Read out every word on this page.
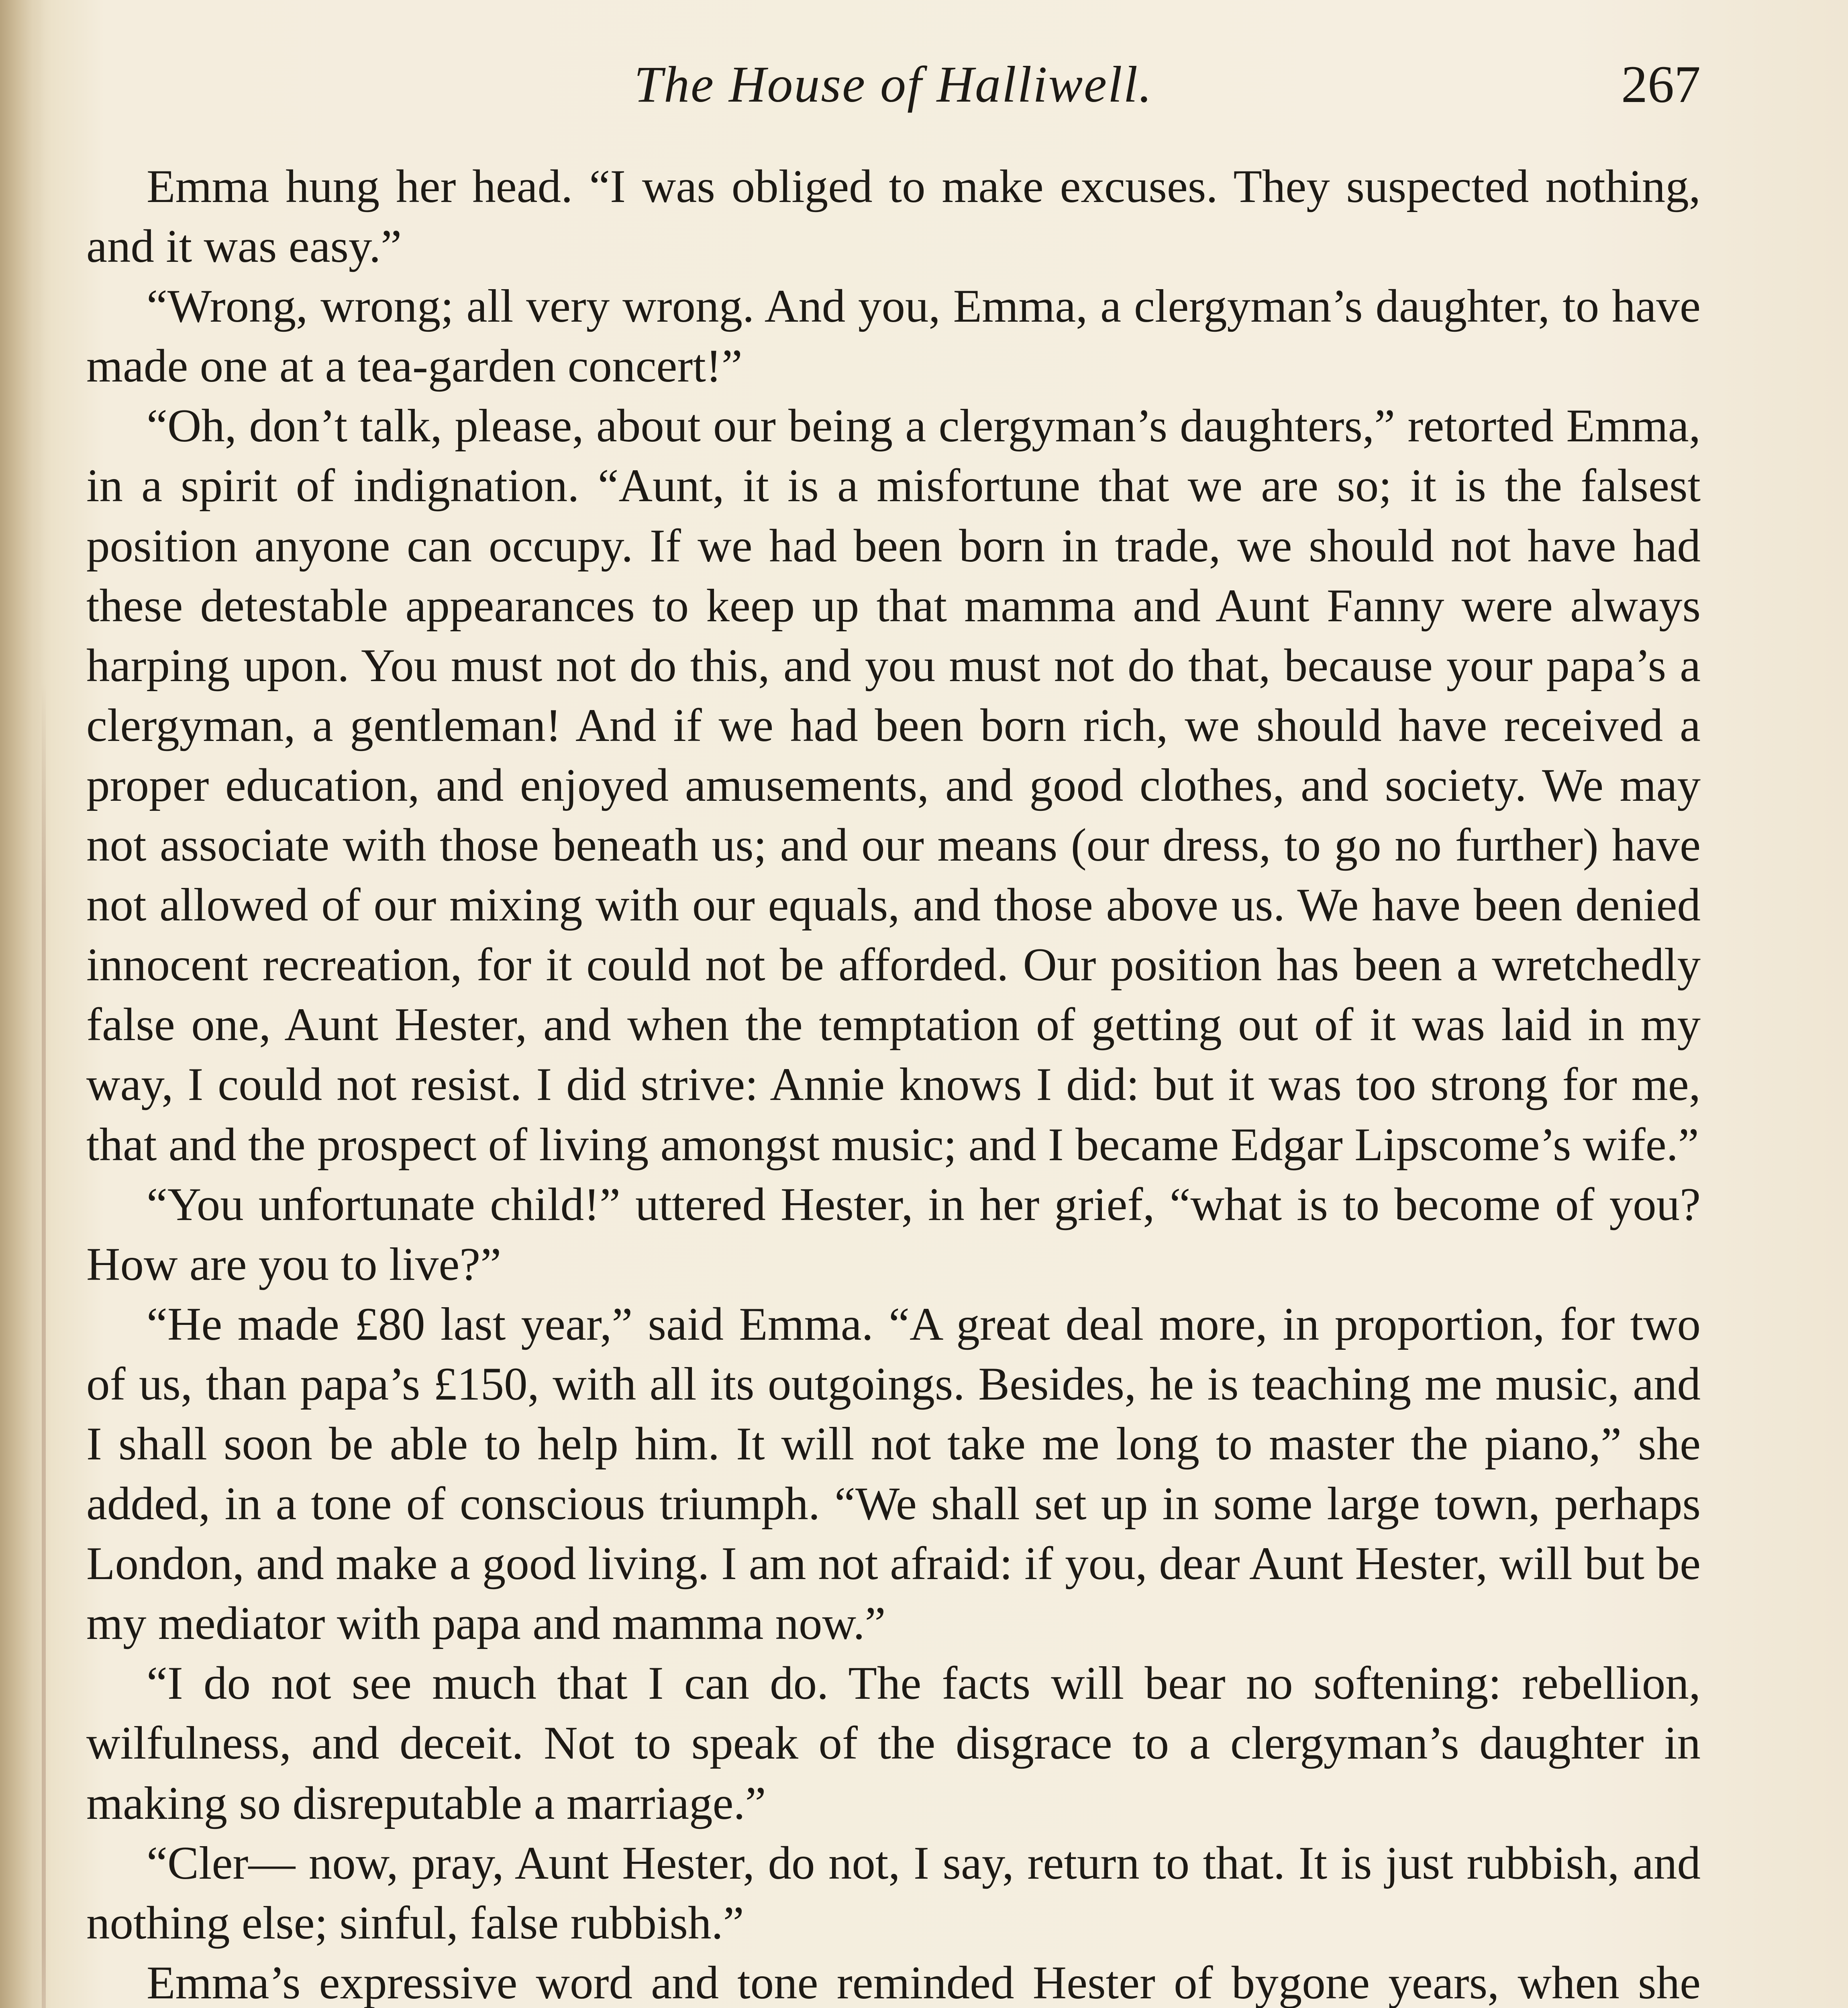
The House of Halliwell.	267

Emma hung her head. “I was obliged to make excuses. They suspected nothing, and it was easy.”

“Wrong, wrong; all very wrong. And you, Emma, a clergyman’s daughter, to have made one at a tea-garden concert!”

“Oh, don’t talk, please, about our being a clergyman’s daughters,” retorted Emma, in a spirit of indignation. “Aunt, it is a misfortune that we are so; it is the falsest position anyone can occupy. If we had been born in trade, we should not have had these detestable appearances to keep up that mamma and Aunt Fanny were always harping upon. You must not do this, and you must not do that, because your papa’s a clergyman, a gentleman! And if we had been born rich, we should have received a proper education, and enjoyed amusements, and good clothes, and society. We may not associate with those beneath us; and our means (our dress, to go no further) have not allowed of our mixing with our equals, and those above us. We have been denied innocent recreation, for it could not be afforded. Our position has been a wretchedly false one, Aunt Hester, and when the temptation of getting out of it was laid in my way, I could not resist. I did strive: Annie knows I did: but it was too strong for me, that and the prospect of living amongst music; and I became Edgar Lipscome’s wife.”

“You unfortunate child!” uttered Hester, in her grief, “what is to become of you? How are you to live?”

“He made £80 last year,” said Emma. “A great deal more, in proportion, for two of us, than papa’s £150, with all its outgoings. Besides, he is teaching me music, and I shall soon be able to help him. It will not take me long to master the piano,” she added, in a tone of conscious triumph. “We shall set up in some large town, perhaps London, and make a good living. I am not afraid: if you, dear Aunt Hester, will but be my mediator with papa and mamma now.”

“I do not see much that I can do. The facts will bear no softening: rebellion, wilfulness, and deceit. Not to speak of the disgrace to a clergyman’s daughter in making so disreputable a marriage.”

“Cler— now, pray, Aunt Hester, do not, I say, return to that. It is just rubbish, and nothing else; sinful, false rubbish.”

Emma’s expressive word and tone reminded Hester of bygone years, when she
